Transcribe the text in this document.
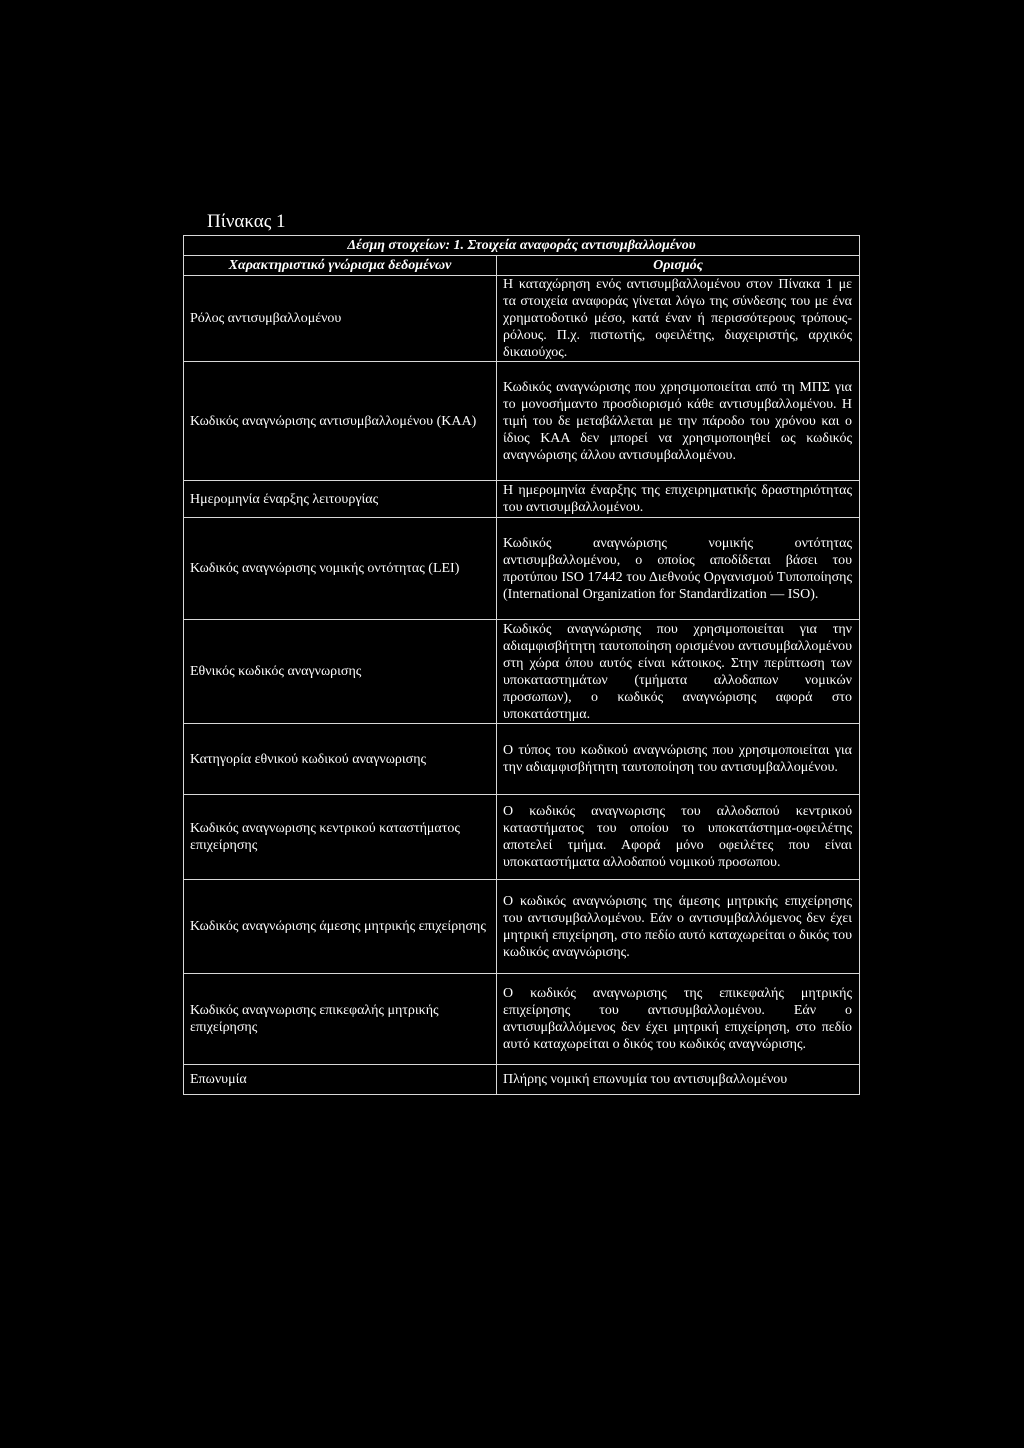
Πίνακας 1
Δέσμη στοιχείων: 1. Στοιχεία αναφοράς αντισυμβαλλομένου	
Χαρακτηριστικό γνώρισμα δεδομένων	Ορισμός
Ρόλος αντισυμβαλλομένου	Η καταχώρηση ενός αντισυμβαλλομένου στον Πίνακα 1 με τα στοιχεία αναφοράς γίνεται λόγω της σύνδεσης του με ένα χρηματοδοτικό μέσο, κατά έναν ή περισσότερους τρόπους-ρόλους. Π.χ. πιστωτής, οφειλέτης, διαχειριστής, αρχικός δικαιούχος.
Κωδικός αναγνώρισης αντισυμβαλλομένου (ΚΑΑ)	Κωδικός αναγνώρισης που χρησιμοποιείται από τη ΜΠΣ για το μονοσήμαντο προσδιορισμό κάθε αντισυμβαλλομένου. Η τιμή του δε μεταβάλλεται με την πάροδο του χρόνου και ο ίδιος ΚΑΑ δεν μπορεί να χρησιμοποιηθεί ως κωδικός αναγνώρισης άλλου αντισυμβαλλομένου.
Ημερομηνία έναρξης λειτουργίας	Η ημερομηνία έναρξης της επιχειρηματικής δραστηριότητας του αντισυμβαλλομένου.
Κωδικός αναγνώρισης νομικής οντότητας (LEI)	Κωδικός αναγνώρισης νομικής οντότητας αντισυμβαλλομένου, ο οποίος αποδίδεται βάσει του προτύπου ISO 17442 του Διεθνούς Οργανισμού Τυποποίησης (International Organization for Standardization — ISO).
Εθνικός κωδικός αναγνωρισης	Κωδικός αναγνώρισης που χρησιμοποιείται για την αδιαμφισβήτητη ταυτοποίηση ορισμένου αντισυμβαλλομένου στη χώρα όπου αυτός είναι κάτοικος. Στην περίπτωση των υποκαταστημάτων (τμήματα αλλοδαπων νομικών προσωπων), ο κωδικός αναγνώρισης αφορά στο υποκατάστημα.
Κατηγορία εθνικού κωδικού αναγνωρισης	Ο τύπος του κωδικού αναγνώρισης που χρησιμοποιείται για την αδιαμφισβήτητη ταυτοποίηση του αντισυμβαλλομένου.
Κωδικός αναγνωρισης κεντρικού καταστήματος επιχείρησης	Ο κωδικός αναγνωρισης του αλλοδαπού κεντρικού καταστήματος του οποίου το υποκατάστημα-οφειλέτης αποτελεί τμήμα. Αφορά μόνο οφειλέτες που είναι υποκαταστήματα αλλοδαπού νομικού προσωπου.
Κωδικός αναγνώρισης άμεσης μητρικής επιχείρησης	Ο κωδικός αναγνώρισης της άμεσης μητρικής επιχείρησης του αντισυμβαλλομένου. Εάν ο αντισυμβαλλόμενος δεν έχει μητρική επιχείρηση, στο πεδίο αυτό καταχωρείται ο δικός του κωδικός αναγνώρισης.
Κωδικός αναγνωρισης επικεφαλής μητρικής επιχείρησης	Ο κωδικός αναγνωρισης της επικεφαλής μητρικής επιχείρησης του αντισυμβαλλομένου. Εάν ο αντισυμβαλλόμενος δεν έχει μητρική επιχείρηση, στο πεδίο αυτό καταχωρείται ο δικός του κωδικός αναγνώρισης.
Επωνυμία	Πλήρης νομική επωνυμία του αντισυμβαλλομένου
